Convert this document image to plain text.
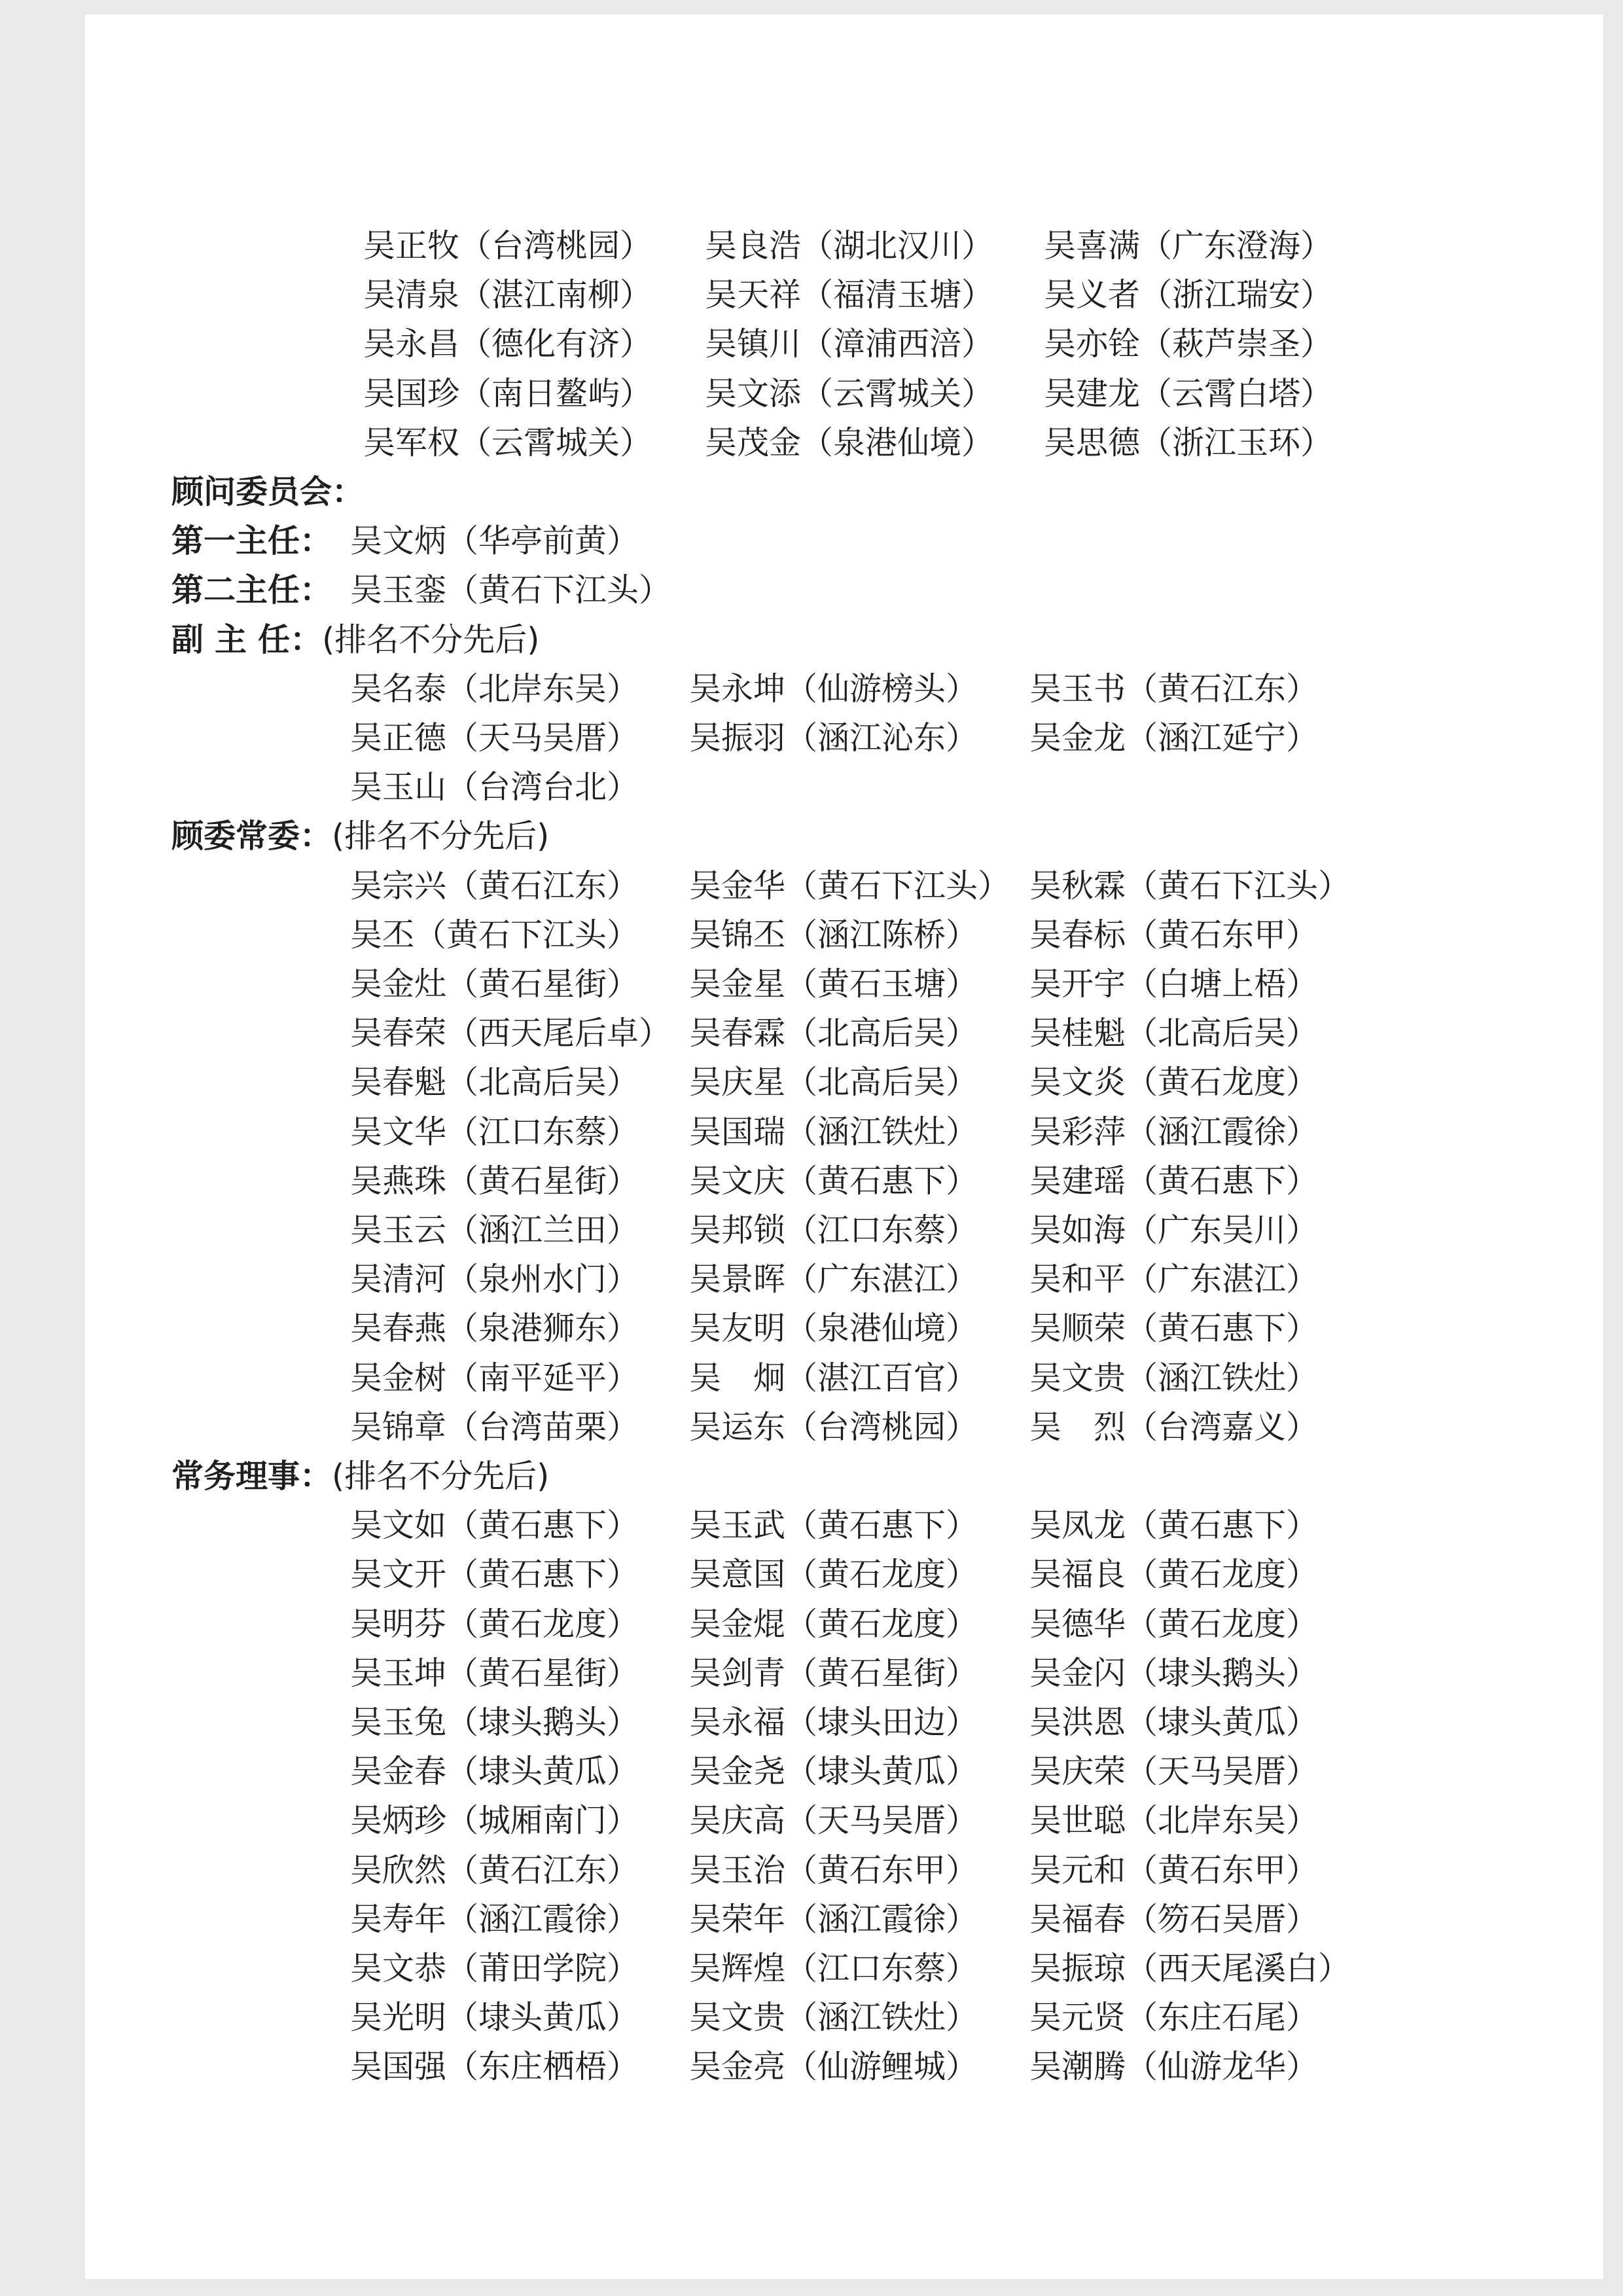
吴正牧（台湾桃园） 吴良浩（湖北汉川） 吴喜满（广东澄海）
吴清泉（湛江南柳） 吴天祥（福清玉塘） 吴义者（浙江瑞安）
吴永昌（德化有济） 吴镇川（漳浦西涪） 吴亦铨（萩芦崇圣）
吴国珍（南日鳌屿） 吴文添（云霄城关） 吴建龙（云霄白塔）
吴军权（云霄城关） 吴茂金（泉港仙境） 吴思德（浙江玉环）
顾问委员会：
第一主任： 吴文炳（华亭前黄）
第二主任： 吴玉銮（黄石下江头）
副 主 任：(排名不分先后)
吴名泰（北岸东吴） 吴永坤（仙游榜头） 吴玉书（黄石江东）
吴正德（天马吴厝） 吴振羽（涵江沁东） 吴金龙（涵江延宁）
吴玉山（台湾台北）
顾委常委：(排名不分先后)
吴宗兴（黄石江东） 吴金华（黄石下江头） 吴秋霖（黄石下江头）
吴丕（黄石下江头） 吴锦丕（涵江陈桥） 吴春标（黄石东甲）
吴金灶（黄石星街） 吴金星（黄石玉塘） 吴开宇（白塘上梧）
吴春荣（西天尾后卓） 吴春霖（北高后吴） 吴桂魁（北高后吴）
吴春魁（北高后吴） 吴庆星（北高后吴） 吴文炎（黄石龙度）
吴文华（江口东蔡） 吴国瑞（涵江铁灶） 吴彩萍（涵江霞徐）
吴燕珠（黄石星街） 吴文庆（黄石惠下） 吴建瑶（黄石惠下）
吴玉云（涵江兰田） 吴邦锁（江口东蔡） 吴如海（广东吴川）
吴清河（泉州水门） 吴景晖（广东湛江） 吴和平（广东湛江）
吴春燕（泉港狮东） 吴友明（泉港仙境） 吴顺荣（黄石惠下）
吴金树（南平延平） 吴　炯（湛江百官） 吴文贵（涵江铁灶）
吴锦章（台湾苗栗） 吴运东（台湾桃园） 吴　烈（台湾嘉义）
常务理事：(排名不分先后)
吴文如（黄石惠下） 吴玉武（黄石惠下） 吴凤龙（黄石惠下）
吴文开（黄石惠下） 吴意国（黄石龙度） 吴福良（黄石龙度）
吴明芬（黄石龙度） 吴金焜（黄石龙度） 吴德华（黄石龙度）
吴玉坤（黄石星街） 吴剑青（黄石星街） 吴金闪（埭头鹅头）
吴玉兔（埭头鹅头） 吴永福（埭头田边） 吴洪恩（埭头黄瓜）
吴金春（埭头黄瓜） 吴金尧（埭头黄瓜） 吴庆荣（天马吴厝）
吴炳珍（城厢南门） 吴庆高（天马吴厝） 吴世聪（北岸东吴）
吴欣然（黄石江东） 吴玉治（黄石东甲） 吴元和（黄石东甲）
吴寿年（涵江霞徐） 吴荣年（涵江霞徐） 吴福春（笏石吴厝）
吴文恭（莆田学院） 吴辉煌（江口东蔡） 吴振琼（西天尾溪白）
吴光明（埭头黄瓜） 吴文贵（涵江铁灶） 吴元贤（东庄石尾）
吴国强（东庄栖梧） 吴金亮（仙游鲤城） 吴潮腾（仙游龙华）
